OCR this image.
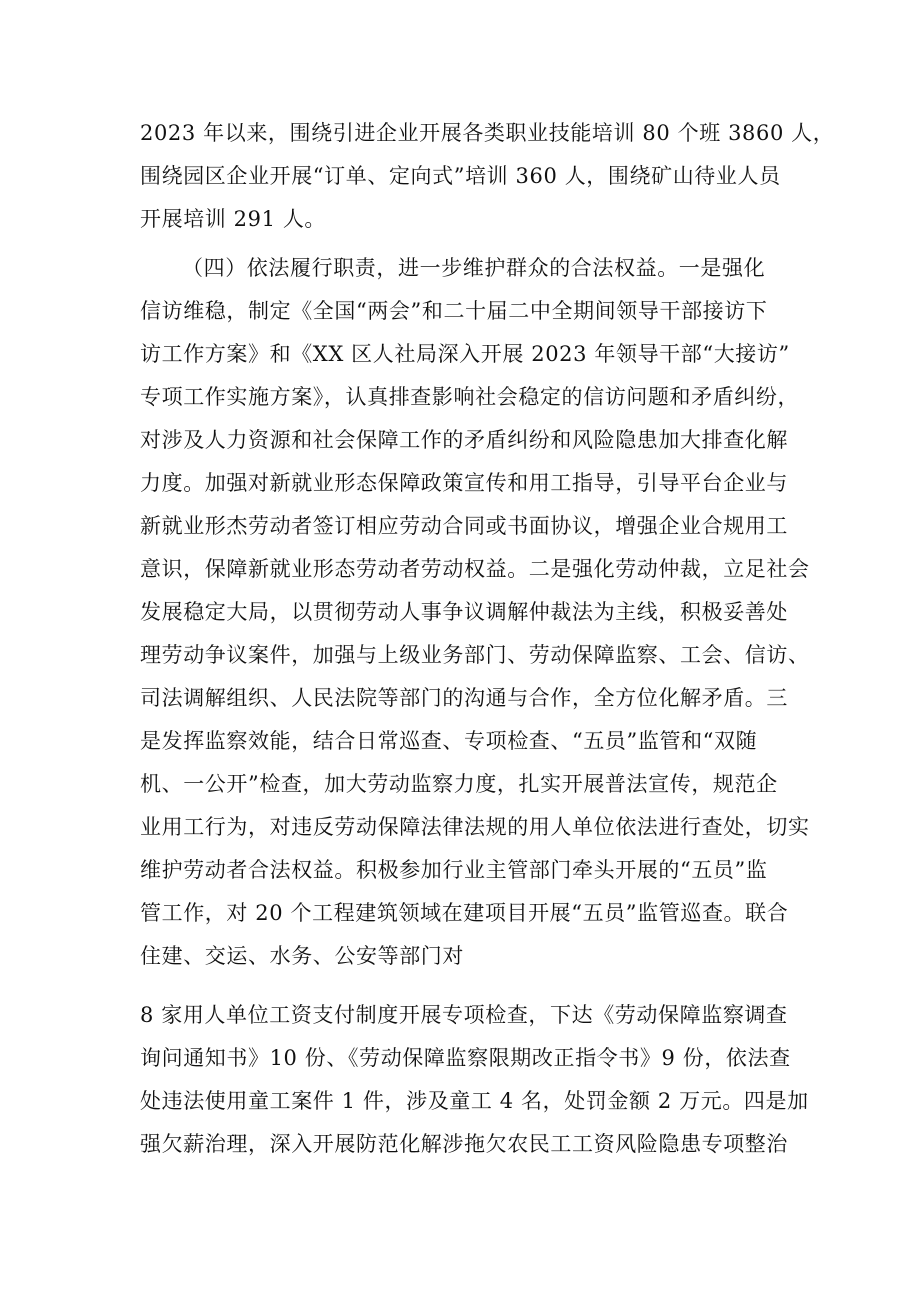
2023 年以来，围绕引进企业开展各类职业技能培训 80 个班 3860 人，
围绕园区企业开展“订单、定向式”培训 360 人，围绕矿山待业人员
开展培训 291 人。
（四）依法履行职责，进一步维护群众的合法权益。一是强化
信访维稳，制定《全国“两会”和二十届二中全期间领导干部接访下
访工作方案》和《XX 区人社局深入开展 2023 年领导干部“大接访”
专项工作实施方案》，认真排查影响社会稳定的信访问题和矛盾纠纷，
对涉及人力资源和社会保障工作的矛盾纠纷和风险隐患加大排查化解
力度。加强对新就业形态保障政策宣传和用工指导，引导平台企业与
新就业形杰劳动者签订相应劳动合同或书面协议，增强企业合规用工
意识，保障新就业形态劳动者劳动权益。二是强化劳动仲裁，立足社会
发展稳定大局，以贯彻劳动人事争议调解仲裁法为主线，积极妥善处
理劳动争议案件，加强与上级业务部门、劳动保障监察、工会、信访、
司法调解组织、人民法院等部门的沟通与合作，全方位化解矛盾。三
是发挥监察效能，结合日常巡查、专项检查、“五员”监管和“双随
机、一公开”检查，加大劳动监察力度，扎实开展普法宣传，规范企
业用工行为，对违反劳动保障法律法规的用人单位依法进行查处，切实
维护劳动者合法权益。积极参加行业主管部门牵头开展的“五员”监
管工作，对 20 个工程建筑领域在建项目开展“五员”监管巡查。联合
住建、交运、水务、公安等部门对
8 家用人单位工资支付制度开展专项检查，下达《劳动保障监察调查
询问通知书》10 份、《劳动保障监察限期改正指令书》9 份，依法查
处违法使用童工案件 1 件，涉及童工 4 名，处罚金额 2 万元。四是加
强欠薪治理，深入开展防范化解涉拖欠农民工工资风险隐患专项整治
